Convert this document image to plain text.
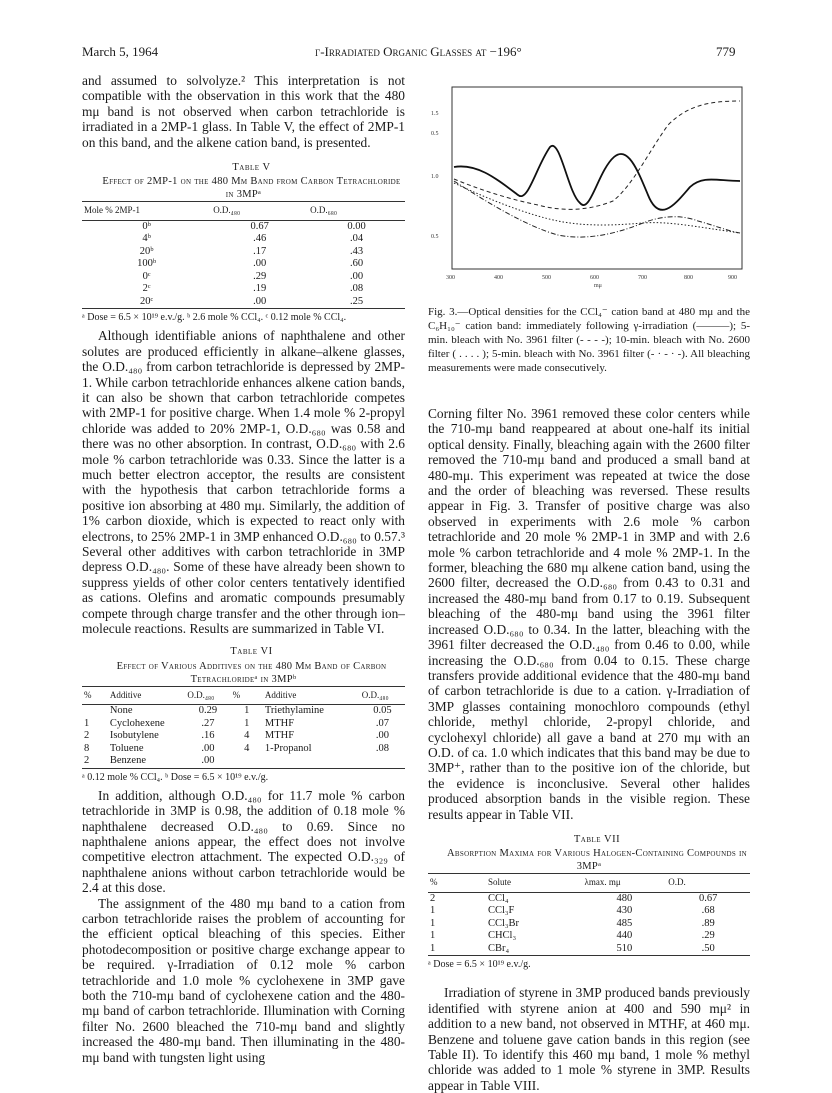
March 5, 1964	γ-Irradiated Organic Glasses at −196°	779

and assumed to solvolyze.² This interpretation is not compatible with the observation in this work that the 480 mμ band is not observed when carbon tetrachloride is irradiated in a 2MP-1 glass. In Table V, the effect of 2MP-1 on this band, and the alkene cation band, is presented.

Table V

Effect of 2MP-1 on the 480 Mμ Band from Carbon Tetrachloride in 3MPᵃ

Mole % 2MP-1	O.D.₄₈₀	O.D.₆₈₀
0ᵇ	0.67	0.00
4ᵇ	.46	.04
20ᵇ	.17	.43
100ᵇ	.00	.60
0ᶜ	.29	.00
2ᶜ	.19	.08
20ᶜ	.00	.25
ᵃ Dose = 6.5 × 10¹⁹ e.v./g. ᵇ 2.6 mole % CCl₄. ᶜ 0.12 mole % CCl₄.

Although identifiable anions of naphthalene and other solutes are produced efficiently in alkane–alkene glasses, the O.D.₄₈₀ from carbon tetrachloride is depressed by 2MP-1. While carbon tetrachloride enhances alkene cation bands, it can also be shown that carbon tetrachloride competes with 2MP-1 for positive charge. When 1.4 mole % 2-propyl chloride was added to 20% 2MP-1, O.D.₆₈₀ was 0.58 and there was no other absorption. In contrast, O.D.₆₈₀ with 2.6 mole % carbon tetrachloride was 0.33. Since the latter is a much better electron acceptor, the results are consistent with the hypothesis that carbon tetrachloride forms a positive ion absorbing at 480 mμ. Similarly, the addition of 1% carbon dioxide, which is expected to react only with electrons, to 25% 2MP-1 in 3MP enhanced O.D.₆₈₀ to 0.57.³ Several other additives with carbon tetrachloride in 3MP depress O.D.₄₈₀. Some of these have already been shown to suppress yields of other color centers tentatively identified as cations. Olefins and aromatic compounds presumably compete through charge transfer and the other through ion–molecule reactions. Results are summarized in Table VI.

Table VI

Effect of Various Additives on the 480 Mμ Band of Carbon Tetrachlorideᵃ in 3MPᵇ

%	Additive	O.D.₄₈₀	%	Additive	O.D.₄₈₀
	None	0.29	1	Triethylamine	0.05
1	Cyclohexene	.27	1	MTHF	.07
2	Isobutylene	.16	4	MTHF	.00
8	Toluene	.00	4	1-Propanol	.08
2	Benzene	.00			
ᵃ 0.12 mole % CCl₄. ᵇ Dose = 6.5 × 10¹⁹ e.v./g.

In addition, although O.D.₄₈₀ for 11.7 mole % carbon tetrachloride in 3MP is 0.98, the addition of 0.18 mole % naphthalene decreased O.D.₄₈₀ to 0.69. Since no naphthalene anions appear, the effect does not involve competitive electron attachment. The expected O.D.₃₂₉ of naphthalene anions without carbon tetrachloride would be 2.4 at this dose.

The assignment of the 480 mμ band to a cation from carbon tetrachloride raises the problem of accounting for the efficient optical bleaching of this species. Either photodecomposition or positive charge exchange appear to be required. γ-Irradiation of 0.12 mole % carbon tetrachloride and 1.0 mole % cyclohexene in 3MP gave both the 710-mμ band of cyclohexene cation and the 480-mμ band of carbon tetrachloride. Illumination with Corning filter No. 2600 bleached the 710-mμ band and slightly increased the 480-mμ band. Then illuminating in the 480-mμ band with tungsten light using

1.5
0.5
1.0
0.5
300	400	500	600	700	800	900
mμ
Fig. 3.—Optical densities for the CCl₄⁻ cation band at 480 mμ and the C₆H₁₀⁻ cation band: immediately following γ-irradiation (———); 5-min. bleach with No. 3961 filter (- - - -); 10-min. bleach with No. 2600 filter ( . . . . ); 5-min. bleach with No. 3961 filter (- · - · -). All bleaching measurements were made consecutively.

Corning filter No. 3961 removed these color centers while the 710-mμ band reappeared at about one-half its initial optical density. Finally, bleaching again with the 2600 filter removed the 710-mμ band and produced a small band at 480-mμ. This experiment was repeated at twice the dose and the order of bleaching was reversed. These results appear in Fig. 3. Transfer of positive charge was also observed in experiments with 2.6 mole % carbon tetrachloride and 20 mole % 2MP-1 in 3MP and with 2.6 mole % carbon tetrachloride and 4 mole % 2MP-1. In the former, bleaching the 680 mμ alkene cation band, using the 2600 filter, decreased the O.D.₆₈₀ from 0.43 to 0.31 and increased the 480-mμ band from 0.17 to 0.19. Subsequent bleaching of the 480-mμ band using the 3961 filter increased O.D.₆₈₀ to 0.34. In the latter, bleaching with the 3961 filter decreased the O.D.₄₈₀ from 0.46 to 0.00, while increasing the O.D.₆₈₀ from 0.04 to 0.15. These charge transfers provide additional evidence that the 480-mμ band of carbon tetrachloride is due to a cation. γ-Irradiation of 3MP glasses containing monochloro compounds (ethyl chloride, methyl chloride, 2-propyl chloride, and cyclohexyl chloride) all gave a band at 270 mμ with an O.D. of ca. 1.0 which indicates that this band may be due to 3MP⁺, rather than to the positive ion of the chloride, but the evidence is inconclusive. Several other halides produced absorption bands in the visible region. These results appear in Table VII.

Table VII

Absorption Maxima for Various Halogen-Containing Compounds in 3MPᵃ

%	Solute	λmax. mμ	O.D.
2	CCl₄	480	0.67
1	CCl₃F	430	.68
1	CCl₃Br	485	.89
1	CHCl₃	440	.29
1	CBr₄	510	.50
ᵃ Dose = 6.5 × 10¹⁹ e.v./g.

Irradiation of styrene in 3MP produced bands previously identified with styrene anion at 400 and 590 mμ² in addition to a new band, not observed in MTHF, at 460 mμ. Benzene and toluene gave cation bands in this region (see Table II). To identify this 460 mμ band, 1 mole % methyl chloride was added to 1 mole % styrene in 3MP. Results appear in Table VIII.
